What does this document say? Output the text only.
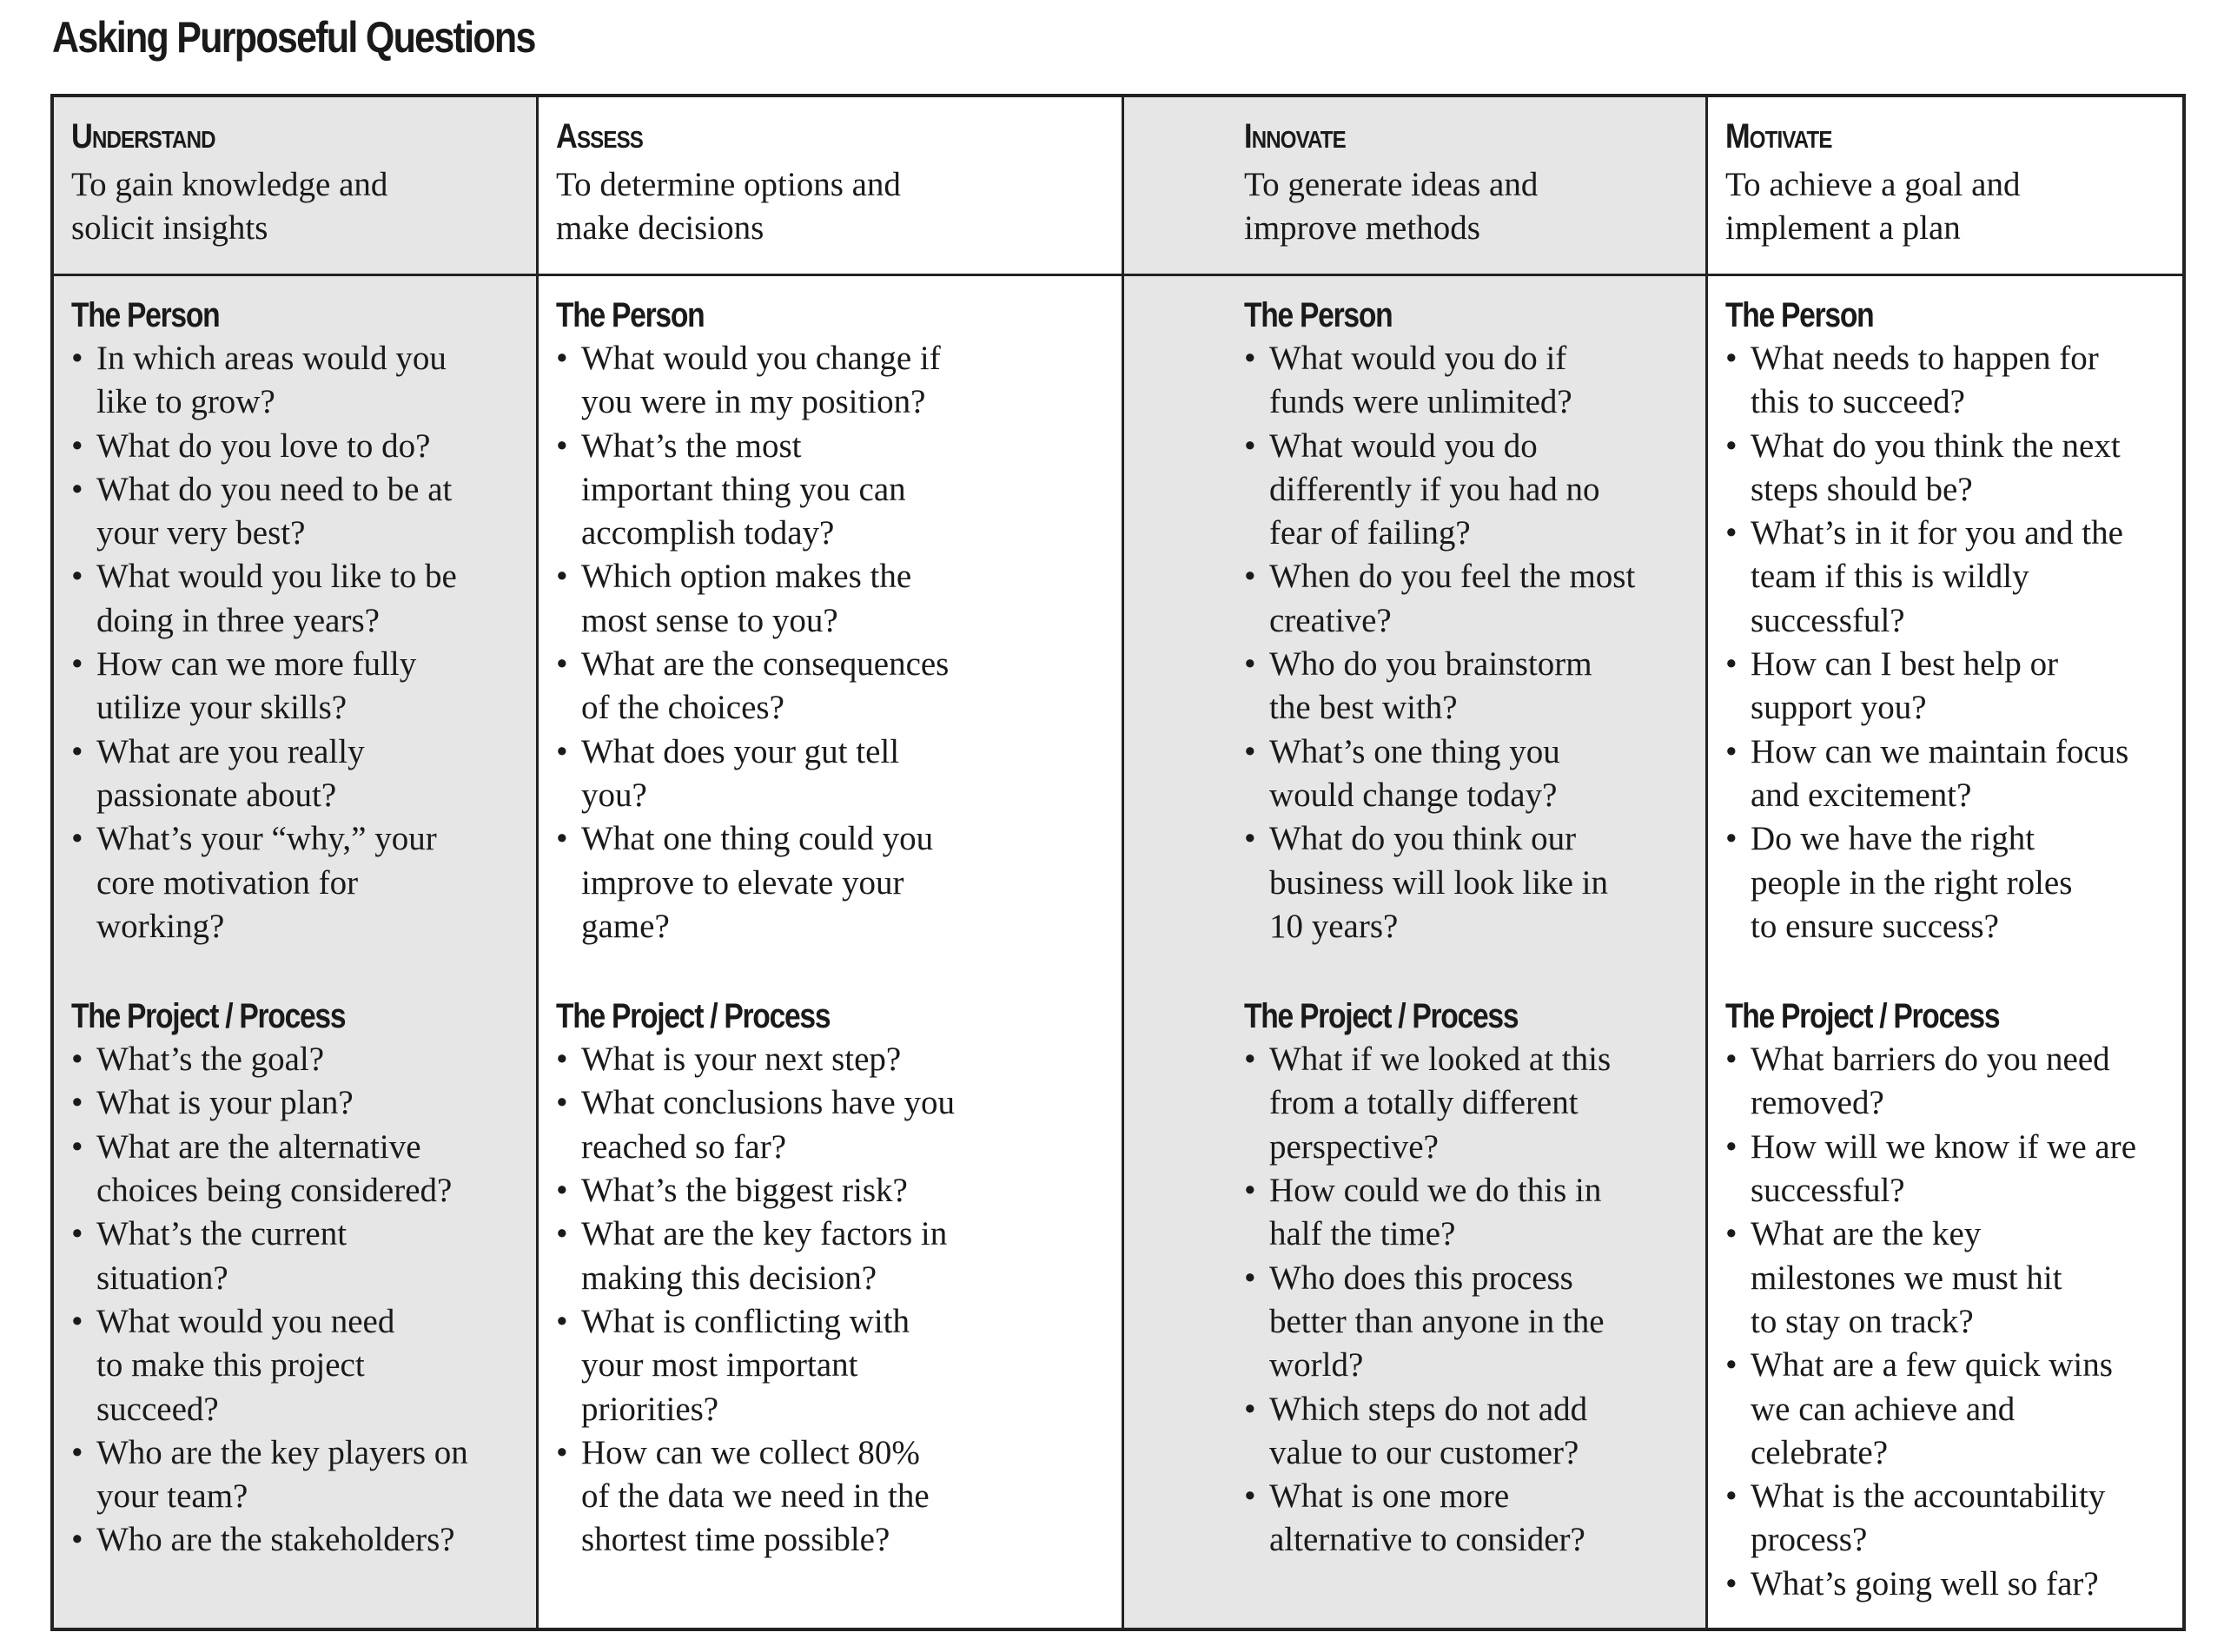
Asking Purposeful Questions
Understand
To gain knowledge and
solicit insights
The Person
• In which areas would you
like to grow?
• What do you love to do?
• What do you need to be at
your very best?
• What would you like to be
doing in three years?
• How can we more fully
utilize your skills?
• What are you really
passionate about?
• What’s your “why,” your
core motivation for
working?
The Project / Process
• What’s the goal?
• What is your plan?
• What are the alternative
choices being considered?
• What’s the current
situation?
• What would you need
to make this project
succeed?
• Who are the key players on
your team?
• Who are the stakeholders?
Assess
To determine options and
make decisions
The Person
• What would you change if
you were in my position?
• What’s the most
important thing you can
accomplish today?
• Which option makes the
most sense to you?
• What are the consequences
of the choices?
• What does your gut tell
you?
• What one thing could you
improve to elevate your
game?
The Project / Process
• What is your next step?
• What conclusions have you
reached so far?
• What’s the biggest risk?
• What are the key factors in
making this decision?
• What is conflicting with
your most important
priorities?
• How can we collect 80%
of the data we need in the
shortest time possible?
Innovate
To generate ideas and
improve methods
The Person
• What would you do if
funds were unlimited?
• What would you do
differently if you had no
fear of failing?
• When do you feel the most
creative?
• Who do you brainstorm
the best with?
• What’s one thing you
would change today?
• What do you think our
business will look like in
10 years?
The Project / Process
• What if we looked at this
from a totally different
perspective?
• How could we do this in
half the time?
• Who does this process
better than anyone in the
world?
• Which steps do not add
value to our customer?
• What is one more
alternative to consider?
Motivate
To achieve a goal and
implement a plan
The Person
• What needs to happen for
this to succeed?
• What do you think the next
steps should be?
• What’s in it for you and the
team if this is wildly
successful?
• How can I best help or
support you?
• How can we maintain focus
and excitement?
• Do we have the right
people in the right roles
to ensure success?
The Project / Process
• What barriers do you need
removed?
• How will we know if we are
successful?
• What are the key
milestones we must hit
to stay on track?
• What are a few quick wins
we can achieve and
celebrate?
• What is the accountability
process?
• What’s going well so far?
